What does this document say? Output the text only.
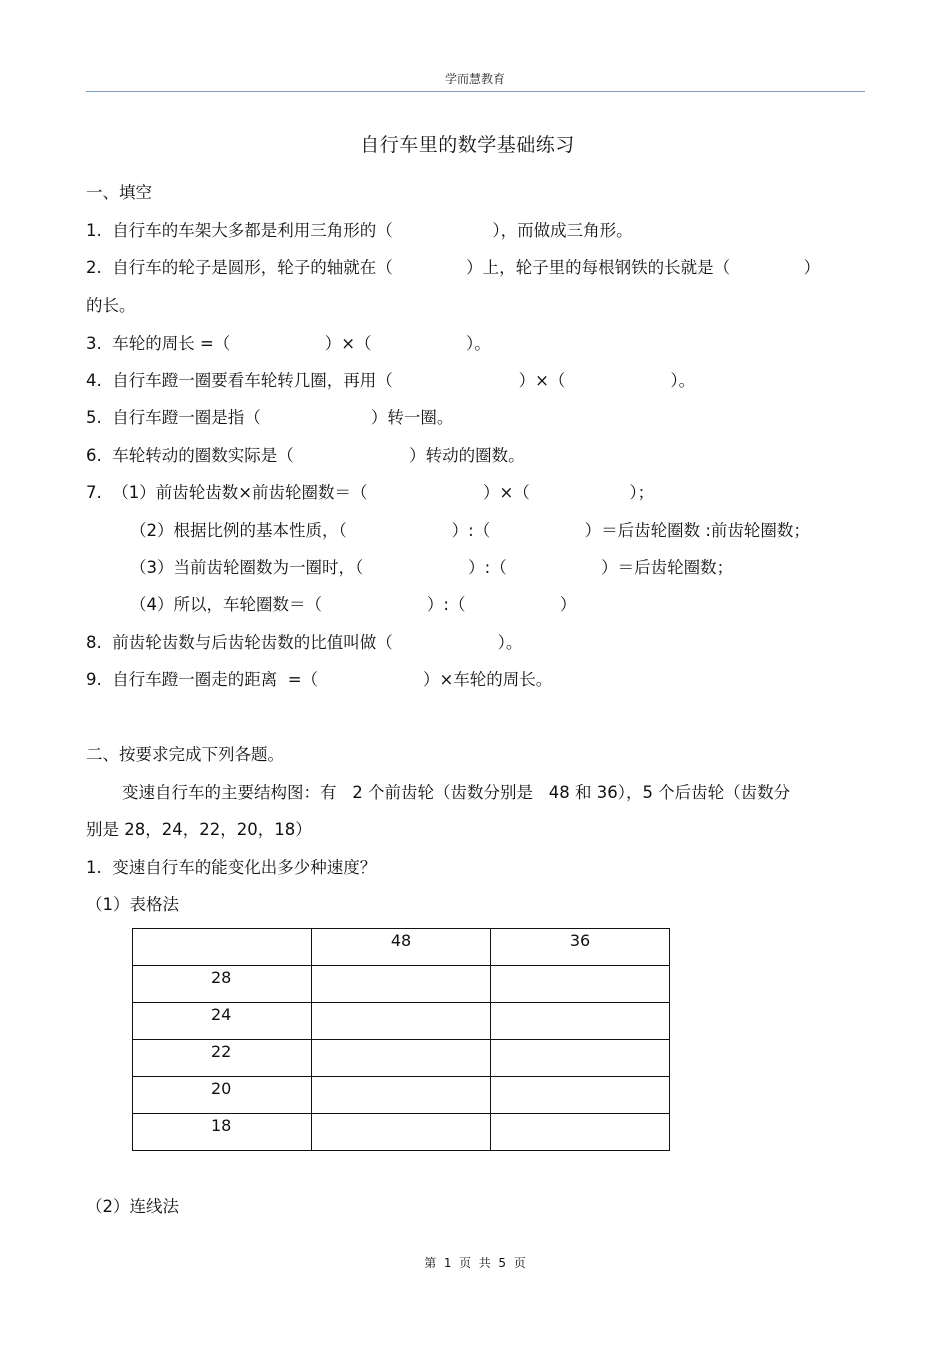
学而慧教育
自行车里的数学基础练习
一、填空
1.  自行车的车架大多都是利用三角形的（                   ），而做成三角形。
2.  自行车的轮子是圆形，轮子的轴就在（              ）上，轮子里的每根钢铁的长就是（              ）
的长。
3.  车轮的周长 =（                  ）×（                  ）。
4.  自行车蹬一圈要看车轮转几圈，再用（                        ）×（                    ）。
5.  自行车蹬一圈是指（                     ）转一圈。
6.  车轮转动的圈数实际是（                      ）转动的圈数。
7.  （1）前齿轮齿数×前齿轮圈数＝（                      ）×（                   ）；
（2）根据比例的基本性质，（                    ）:（                  ）＝后齿轮圈数 :前齿轮圈数；
（3）当前齿轮圈数为一圈时，（                    ）:（                  ）＝后齿轮圈数；
（4）所以，车轮圈数＝（                    ）:（                  ）
8.  前齿轮齿数与后齿轮齿数的比值叫做（                    ）。
9.  自行车蹬一圈走的距离  =（                    ）×车轮的周长。
二、按要求完成下列各题。
变速自行车的主要结构图：有   2 个前齿轮（齿数分别是   48 和 36），5 个后齿轮（齿数分
别是 28，24，22，20，18）
1.  变速自行车的能变化出多少种速度？
（1）表格法
	48	36
28		
24		
22		
20		
18		
（2）连线法
第  1  页  共  5  页
